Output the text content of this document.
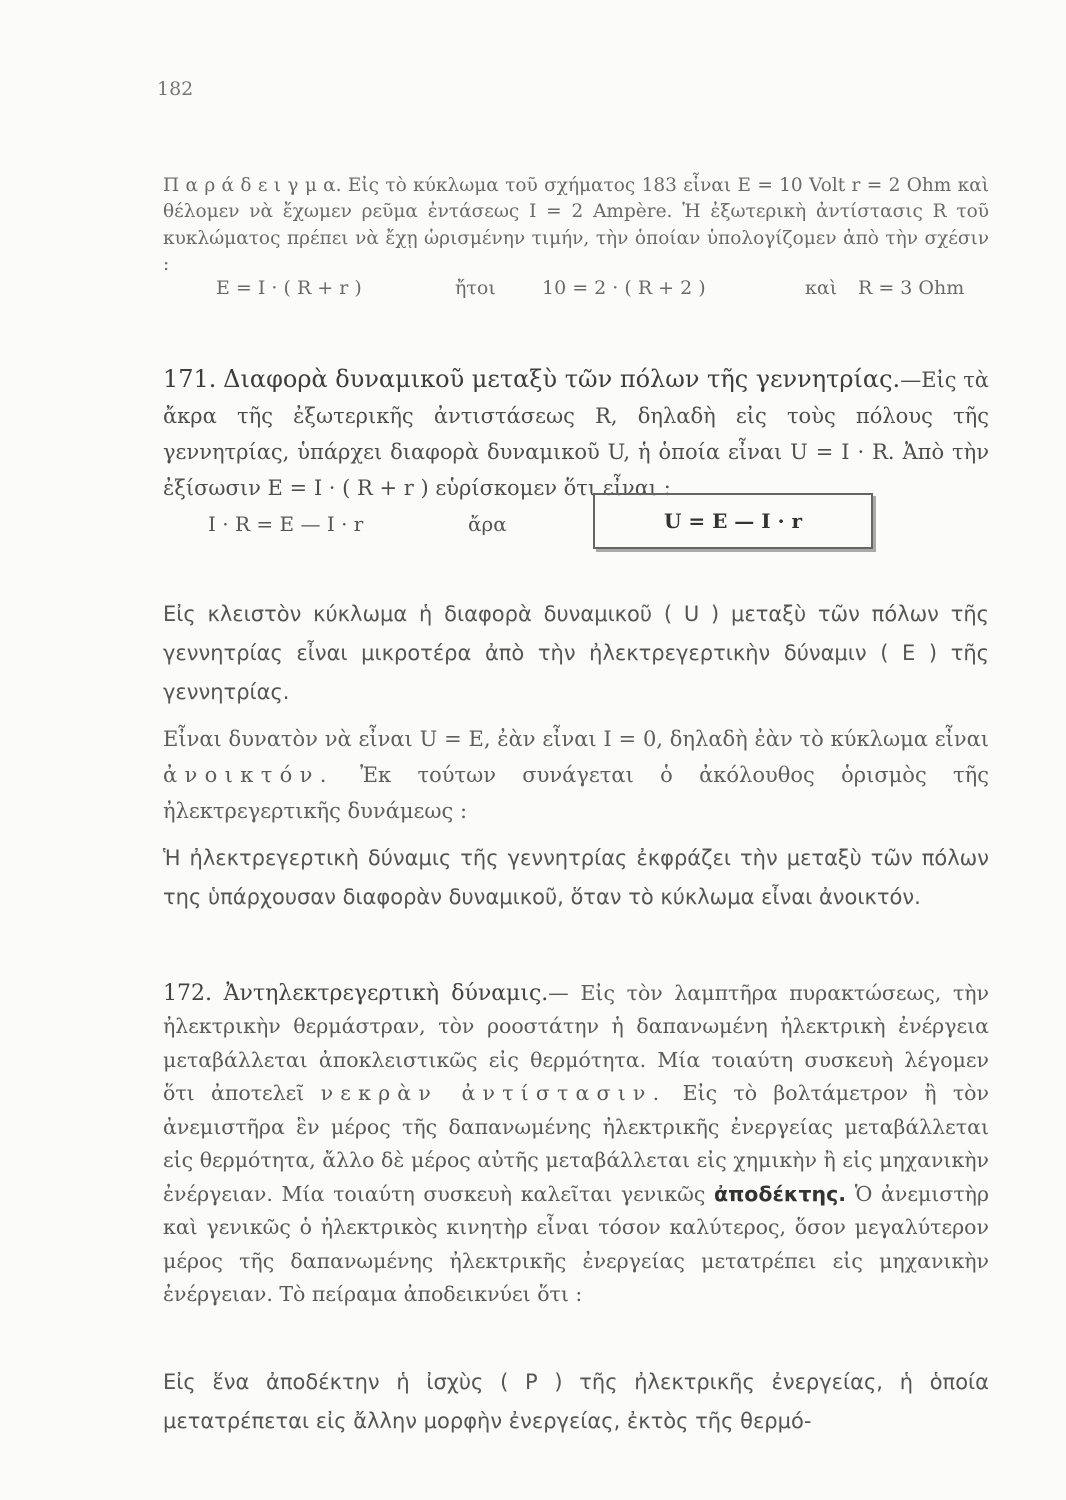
182

Π α ρ ά δ ε ι γ μ α. Εἰς τὸ κύκλωμα τοῦ σχήματος 183 εἶναι E = 10 Volt r = 2 Ohm καὶ θέλομεν νὰ ἔχωμεν ρεῦμα ἐντάσεως I = 2 Ampère. Ἡ ἐξωτερικὴ ἀντίστασις R τοῦ κυκλώματος πρέπει νὰ ἔχῃ ὡρισμένην τιμήν, τὴν ὁποίαν ὑπολογίζομεν ἀπὸ τὴν σχέσιν :

E = I · ( R + r )	ἤτοι 10 = 2 · ( R + 2 )	καὶ R = 3 Ohm

171. Διαφορὰ δυναμικοῦ μεταξὺ τῶν πόλων τῆς γεννητρίας.—Εἰς τὰ ἄκρα τῆς ἐξωτερικῆς ἀντιστάσεως R, δηλαδὴ εἰς τοὺς πόλους τῆς γεννητρίας, ὑπάρχει διαφορὰ δυναμικοῦ U, ἡ ὁποία εἶναι U = I · R. Ἀπὸ τὴν ἐξίσωσιν E = I · ( R + r ) εὑρίσκομεν ὅτι εἶναι :

I · R = E — I · r	ἄρα	U = E — I · r

Εἰς κλειστὸν κύκλωμα ἡ διαφορὰ δυναμικοῦ ( U ) μεταξὺ τῶν πόλων τῆς γεννητρίας εἶναι μικροτέρα ἀπὸ τὴν ἠλεκτρεγερτικὴν δύναμιν ( E ) τῆς γεννητρίας.

Εἶναι δυνατὸν νὰ εἶναι U = E, ἐὰν εἶναι I = 0, δηλαδὴ ἐὰν τὸ κύκλωμα εἶναι ἀνοικτόν. Ἐκ τούτων συνάγεται ὁ ἀκόλουθος ὁρισμὸς τῆς ἠλεκτρεγερτικῆς δυνάμεως :

Ἡ ἠλεκτρεγερτικὴ δύναμις τῆς γεννητρίας ἐκφράζει τὴν μεταξὺ τῶν πόλων της ὑπάρχουσαν διαφορὰν δυναμικοῦ, ὅταν τὸ κύκλωμα εἶναι ἀνοικτόν.

172. Ἀντηλεκτρεγερτικὴ δύναμις.— Εἰς τὸν λαμπτῆρα πυρακτώσεως, τὴν ἠλεκτρικὴν θερμάστραν, τὸν ροοστάτην ἡ δαπανωμένη ἠλεκτρικὴ ἐνέργεια μεταβάλλεται ἀποκλειστικῶς εἰς θερμότητα. Μία τοιαύτη συσκευὴ λέγομεν ὅτι ἀποτελεῖ νεκρὰν ἀντίστασιν. Εἰς τὸ βολτάμετρον ἢ τὸν ἀνεμιστῆρα ἓν μέρος τῆς δαπανωμένης ἠλεκτρικῆς ἐνεργείας μεταβάλλεται εἰς θερμότητα, ἄλλο δὲ μέρος αὐτῆς μεταβάλλεται εἰς χημικὴν ἢ εἰς μηχανικὴν ἐνέργειαν. Μία τοιαύτη συσκευὴ καλεῖται γενικῶς ἀποδέκτης. Ὁ ἀνεμιστὴρ καὶ γενικῶς ὁ ἠλεκτρικὸς κινητὴρ εἶναι τόσον καλύτερος, ὅσον μεγαλύτερον μέρος τῆς δαπανωμένης ἠλεκτρικῆς ἐνεργείας μετατρέπει εἰς μηχανικὴν ἐνέργειαν. Τὸ πείραμα ἀποδεικνύει ὅτι :

Εἰς ἕνα ἀποδέκτην ἡ ἰσχὺς ( P ) τῆς ἠλεκτρικῆς ἐνεργείας, ἡ ὁποία μετατρέπεται εἰς ἄλλην μορφὴν ἐνεργείας, ἐκτὸς τῆς θερμό-
